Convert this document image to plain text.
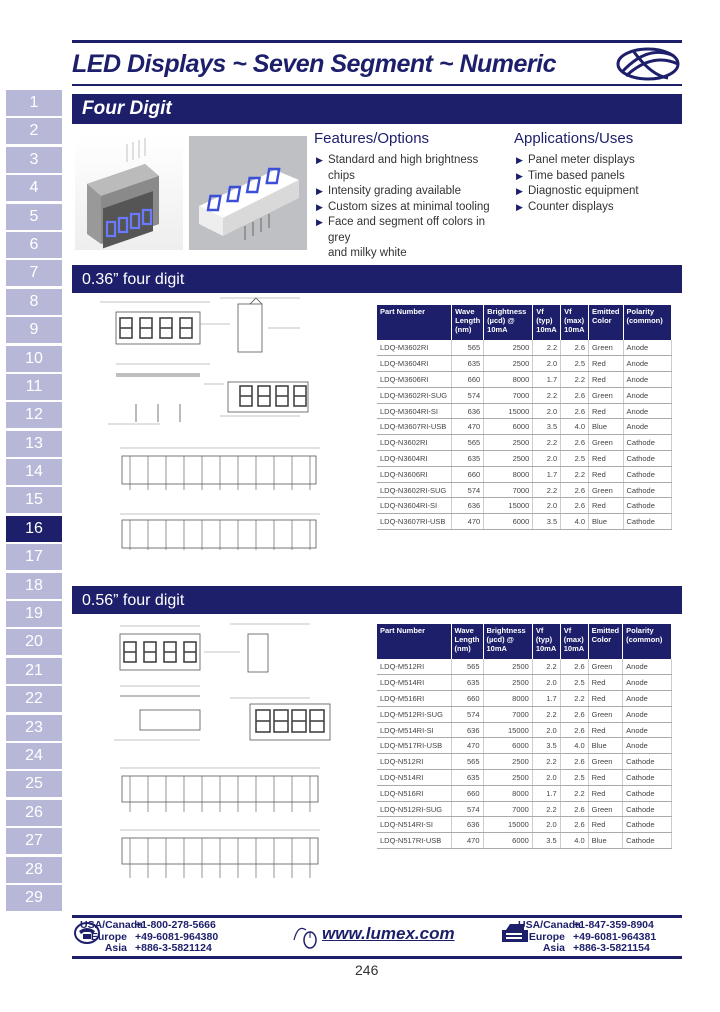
LED Displays ~ Seven Segment ~ Numeric
1
2
3
4
5
6
7
8
9
10
11
12
13
14
15
16
17
18
19
20
21
22
23
24
25
26
27
28
29
Four Digit
Features/Options
▶ Standard and high brightness chips
▶ Intensity grading available
▶ Custom sizes at minimal tooling
▶ Face and segment off colors in grey
and milky white
Applications/Uses
▶ Panel meter displays
▶ Time based panels
▶ Diagnostic equipment
▶ Counter displays
0.36” four digit
Part Number	Wave Length (nm)	Brightness (µcd) @ 10mA	Vf (typ) 10mA	Vf (max) 10mA	Emitted Color	Polarity (common)
LDQ-M3602RI	565	2500	2.2	2.6	Green	Anode
LDQ-M3604RI	635	2500	2.0	2.5	Red	Anode
LDQ-M3606RI	660	8000	1.7	2.2	Red	Anode
LDQ-M3602RI-SUG	574	7000	2.2	2.6	Green	Anode
LDQ-M3604RI-SI	636	15000	2.0	2.6	Red	Anode
LDQ-M3607RI-USB	470	6000	3.5	4.0	Blue	Anode
LDQ-N3602RI	565	2500	2.2	2.6	Green	Cathode
LDQ-N3604RI	635	2500	2.0	2.5	Red	Cathode
LDQ-N3606RI	660	8000	1.7	2.2	Red	Cathode
LDQ-N3602RI-SUG	574	7000	2.2	2.6	Green	Cathode
LDQ-N3604RI-SI	636	15000	2.0	2.6	Red	Cathode
LDQ-N3607RI-USB	470	6000	3.5	4.0	Blue	Cathode
0.56” four digit
Part Number	Wave Length (nm)	Brightness (µcd) @ 10mA	Vf (typ) 10mA	Vf (max) 10mA	Emitted Color	Polarity (common)
LDQ-M512RI	565	2500	2.2	2.6	Green	Anode
LDQ-M514RI	635	2500	2.0	2.5	Red	Anode
LDQ-M516RI	660	8000	1.7	2.2	Red	Anode
LDQ-M512RI-SUG	574	7000	2.2	2.6	Green	Anode
LDQ-M514RI-SI	636	15000	2.0	2.6	Red	Anode
LDQ-M517RI-USB	470	6000	3.5	4.0	Blue	Anode
LDQ-N512RI	565	2500	2.2	2.6	Green	Cathode
LDQ-N514RI	635	2500	2.0	2.5	Red	Cathode
LDQ-N516RI	660	8000	1.7	2.2	Red	Cathode
LDQ-N512RI-SUG	574	7000	2.2	2.6	Green	Cathode
LDQ-N514RI-SI	636	15000	2.0	2.6	Red	Cathode
LDQ-N517RI-USB	470	6000	3.5	4.0	Blue	Cathode
USA/Canada
+1-800-278-5666
Europe +49-6081-964380
Asia +886-3-5821124
www.lumex.com	USA/Canada
+1-847-359-8904
Europe +49-6081-964381
Asia +886-3-5821154
246
